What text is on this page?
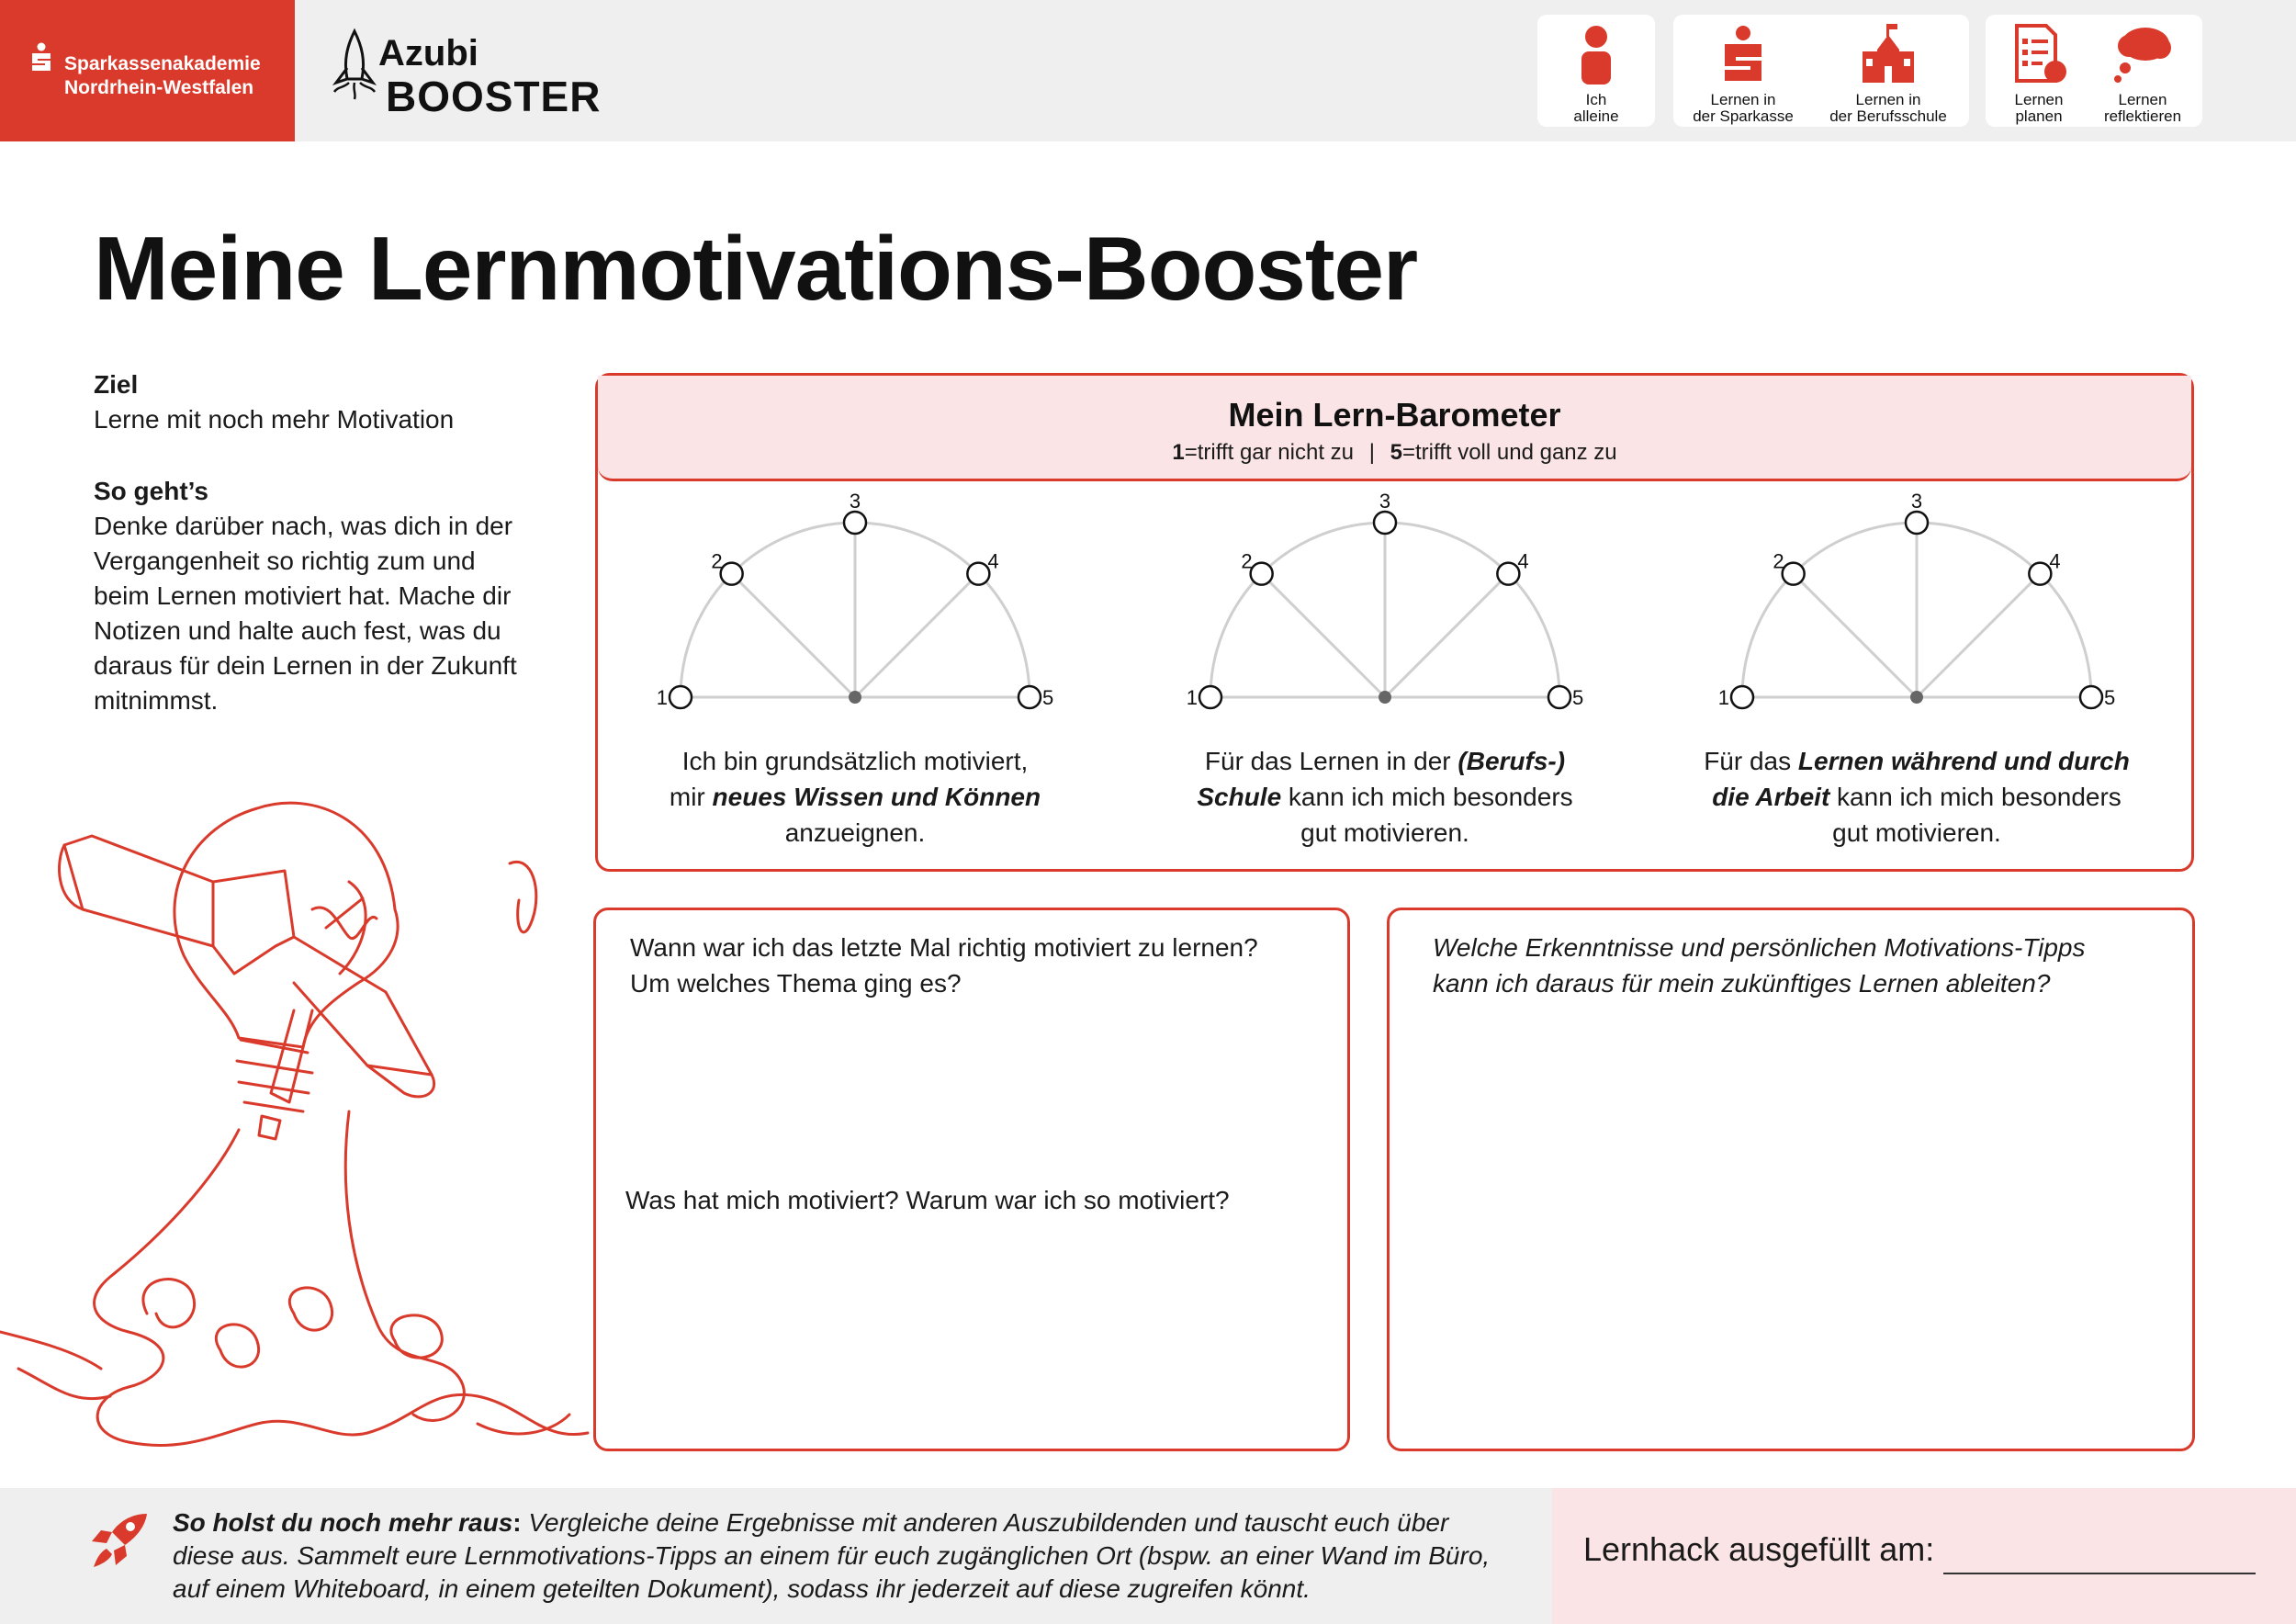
Sparkassenakademie
Nordrhein-Westfalen
Azubi
BOOSTER	Ich
alleine
Lernen in
der Sparkasse
Lernen in
der Berufsschule
Lernen
planen
Lernen
reflektieren
Meine Lernmotivations-Booster
Ziel
Lerne mit noch mehr Motivation
So geht’s
Denke darüber nach, was dich in der
Vergangenheit so richtig zum und
beim Lernen motiviert hat. Mache dir
Notizen und halte auch fest, was du
daraus für dein Lernen in der Zukunft
mitnimmst.
Mein Lern-Barometer
1=trifft gar nicht zu | 5=trifft voll und ganz zu
1
2
3
4
5	1
2
3
4
5	1
2
3
4
5
Ich bin grundsätzlich motiviert,
mir neues Wissen und Können
anzueignen.
Für das Lernen in der (Berufs-)
Schule kann ich mich besonders
gut motivieren.
Für das Lernen während und durch
die Arbeit kann ich mich besonders
gut motivieren.
Wann war ich das letzte Mal richtig motiviert zu lernen?
Um welches Thema ging es?
Was hat mich motiviert? Warum war ich so motiviert?
Welche Erkenntnisse und persönlichen Motivations-Tipps
kann ich daraus für mein zukünftiges Lernen ableiten?
So holst du noch mehr raus: Vergleiche deine Ergebnisse mit anderen Auszubildenden und tauscht euch über diese aus. Sammelt eure Lernmotivations-Tipps an einem für euch zugänglichen Ort (bspw. an einer Wand im Büro, auf einem Whiteboard, in einem geteilten Dokument), sodass ihr jederzeit auf diese zugreifen könnt.
Lernhack ausgefüllt am:
